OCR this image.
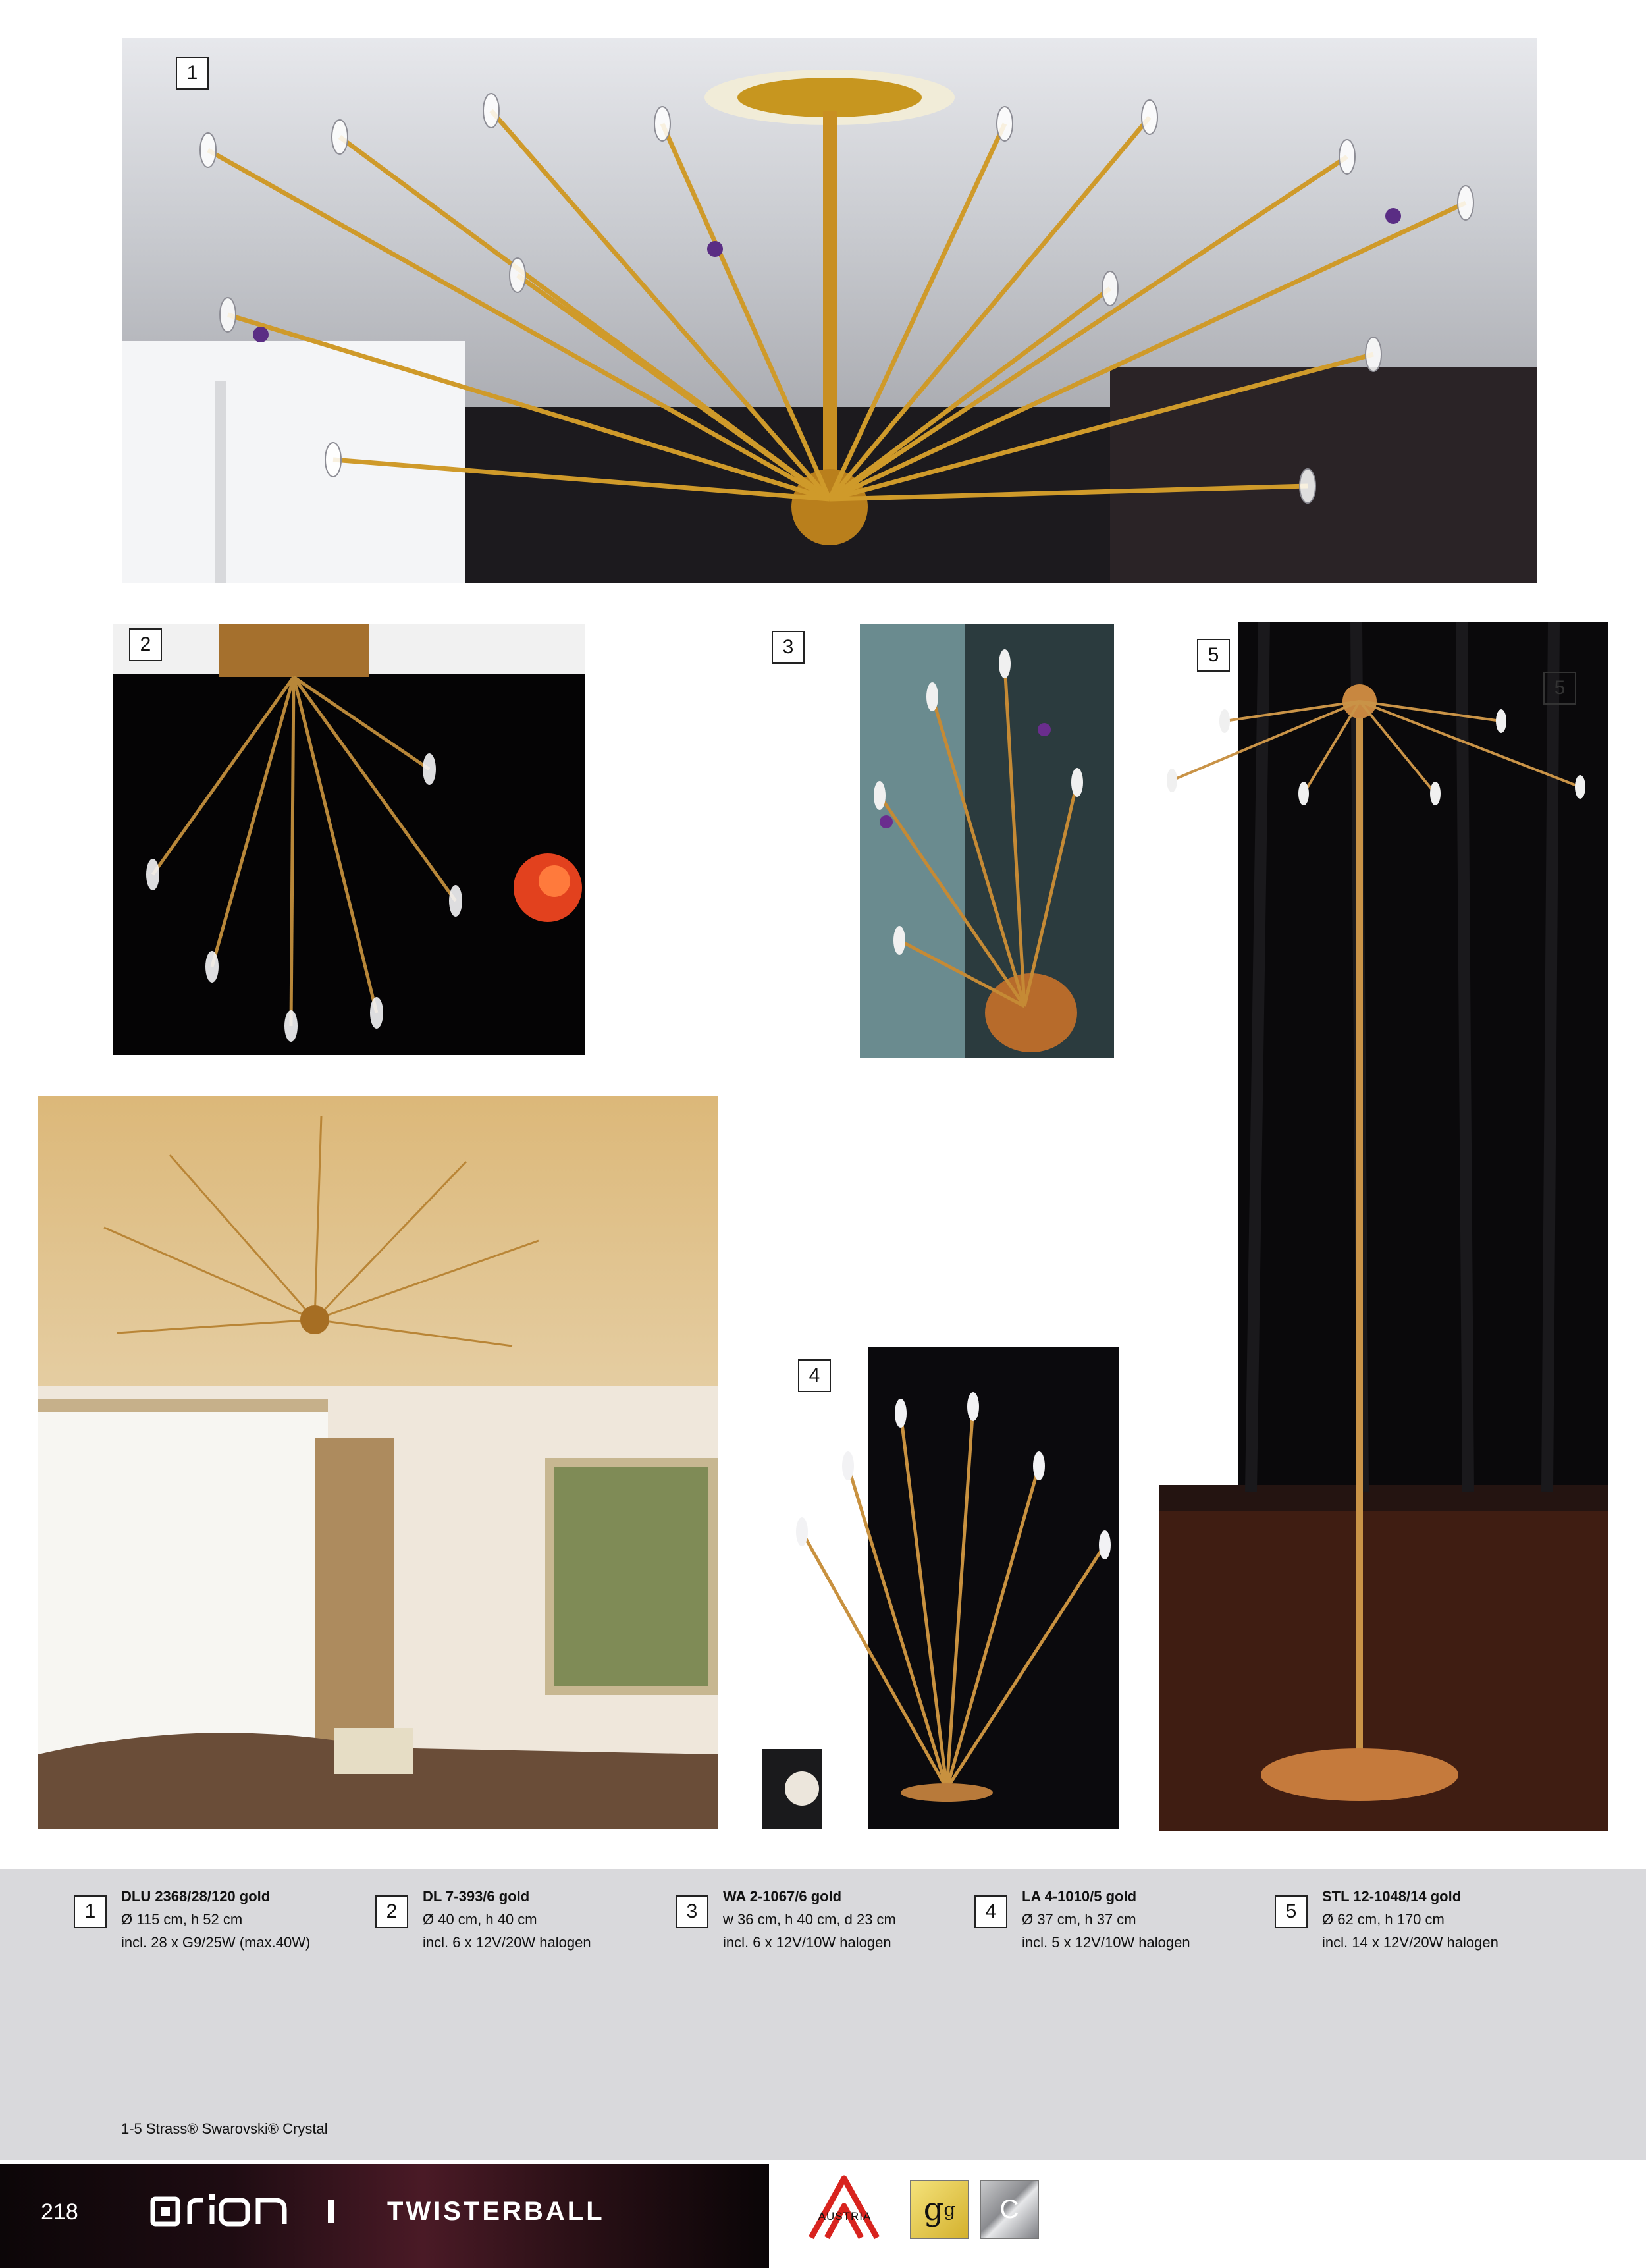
1
2	3	5
5
4
1
DLU 2368/28/120 gold
Ø 115 cm, h 52 cm
incl. 28 x G9/25W (max.40W)
2
DL 7-393/6 gold
Ø 40 cm, h 40 cm
incl. 6 x 12V/20W halogen
3
WA 2-1067/6 gold
w 36 cm, h 40 cm, d 23 cm
incl. 6 x 12V/10W halogen
4
LA 4-1010/5 gold
Ø 37 cm, h 37 cm
incl. 5 x 12V/10W halogen
5
STL 12-1048/14 gold
Ø 62 cm, h 170 cm
incl. 14 x 12V/20W halogen
1-5 Strass® Swarovski® Crystal
218	TWISTERBALL	AUSTRIA g g	C
